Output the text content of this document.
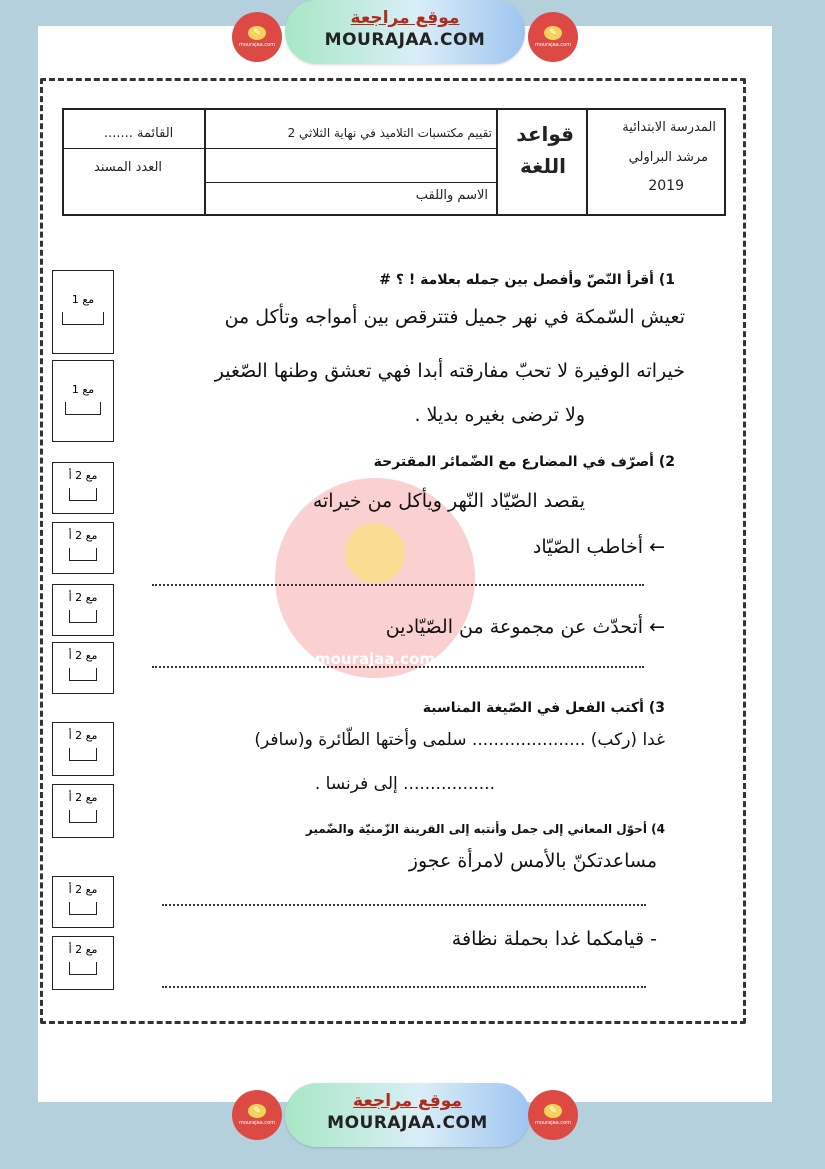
✎
mourajaa.com
موقع مراجعة
MOURAJAA.COM	✎
mourajaa.com
المدرسة الابتدائية
مرشد البراولي
2019
قواعد
اللغة
تقييم مكتسبات التلاميذ في نهاية الثلاثي 2
الاسم واللقب
القائمة .......
العدد المسند
mourajaa.com
1) أقرأ النّصّ وأفصل بين جمله بعلامة ! ؟ #
تعيش السّمكة في نهر جميل فتترقص بين أمواجه وتأكل من
خيراته الوفيرة لا تحبّ مفارقته أبدا فهي تعشق وطنها الصّغير
ولا ترضى بغيره بديلا .
2) أصرّف في المضارع مع الضّمائر المقترحة
يقصد الصّيّاد النّهر ويأكل من خيراته
← أخاطب الصّيّاد
← أتحدّث عن مجموعة من الصّيّادين
3) أكتب الفعل في الصّيغة المناسبة
غدا (ركب) ..................... سلمى وأختها الطّائرة و(سافر)
................. إلى فرنسا .
4) أحوّل المعاني إلى جمل وأنتبه إلى القرينة الزّمنيّة والضّمير
مساعدتكنّ بالأمس لامرأة عجوز
- قيامكما غدا بحملة نظافة
مع 1
مع 1
مع 2 أ
مع 2 أ
مع 2 أ
مع 2 أ
مع 2 أ
مع 2 أ
مع 2 أ
مع 2 أ
✎
mourajaa.com
موقع مراجعة
MOURAJAA.COM
✎
mourajaa.com
